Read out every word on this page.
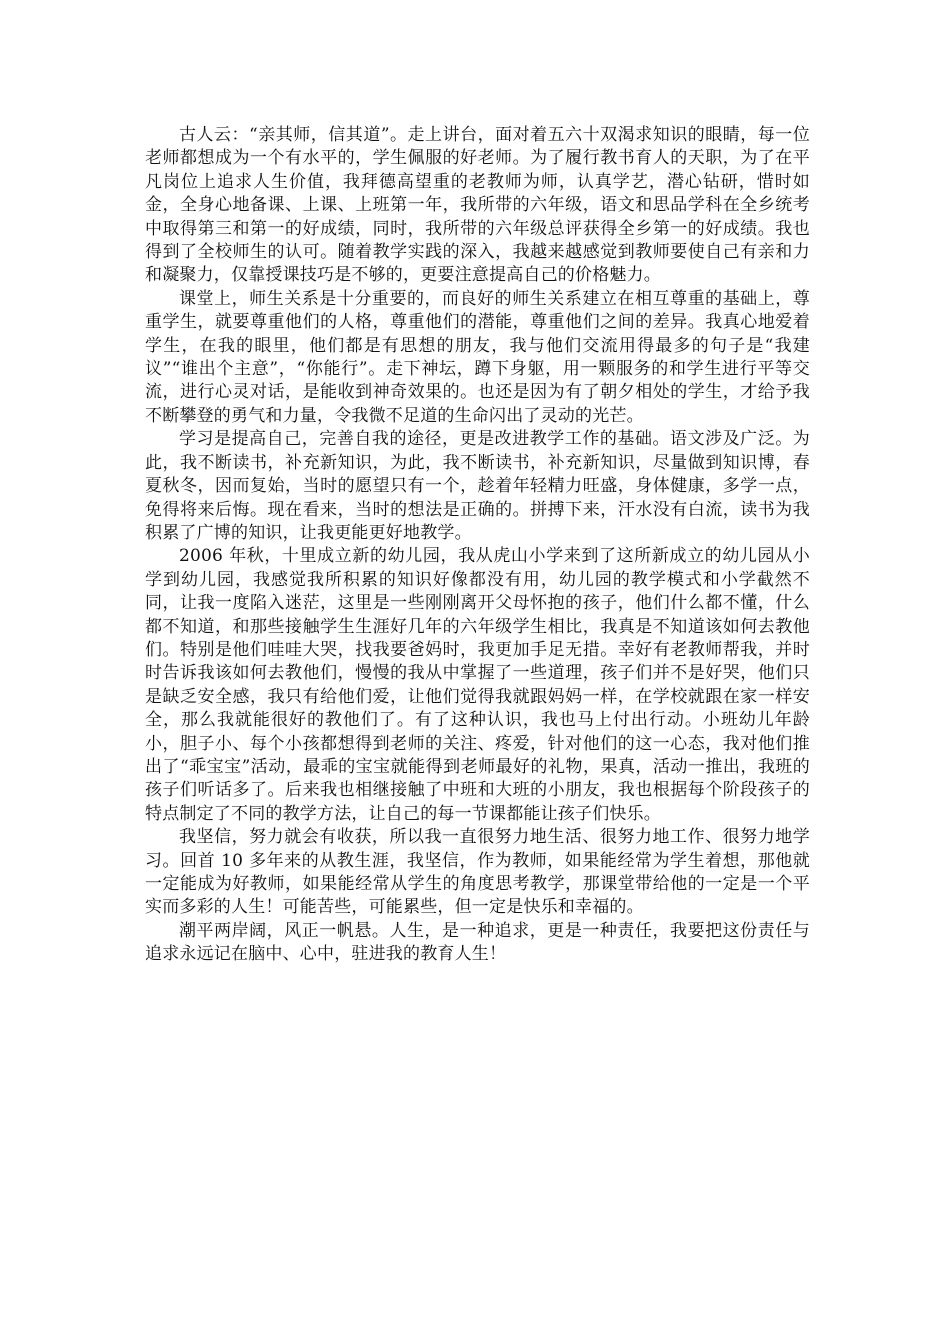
古人云：“亲其师，信其道”。走上讲台，面对着五六十双渴求知识的眼睛，每一位老师都想成为一个有水平的，学生佩服的好老师。为了履行教书育人的天职，为了在平凡岗位上追求人生价值，我拜德高望重的老教师为师，认真学艺，潜心钻研，惜时如金，全身心地备课、上课、上班第一年，我所带的六年级，语文和思品学科在全乡统考中取得第三和第一的好成绩，同时，我所带的六年级总评获得全乡第一的好成绩。我也得到了全校师生的认可。随着教学实践的深入，我越来越感觉到教师要使自己有亲和力和凝聚力，仅靠授课技巧是不够的，更要注意提高自己的价格魅力。

课堂上，师生关系是十分重要的，而良好的师生关系建立在相互尊重的基础上，尊重学生，就要尊重他们的人格，尊重他们的潜能，尊重他们之间的差异。我真心地爱着学生，在我的眼里，他们都是有思想的朋友，我与他们交流用得最多的句子是“我建议”“谁出个主意”，“你能行”。走下神坛，蹲下身躯，用一颗服务的和学生进行平等交流，进行心灵对话，是能收到神奇效果的。也还是因为有了朝夕相处的学生，才给予我不断攀登的勇气和力量，令我微不足道的生命闪出了灵动的光芒。

学习是提高自己，完善自我的途径，更是改进教学工作的基础。语文涉及广泛。为此，我不断读书，补充新知识，为此，我不断读书，补充新知识，尽量做到知识博，春夏秋冬，因而复始，当时的愿望只有一个，趁着年轻精力旺盛，身体健康，多学一点，免得将来后悔。现在看来，当时的想法是正确的。拼搏下来，汗水没有白流，读书为我积累了广博的知识，让我更能更好地教学。

2006 年秋，十里成立新的幼儿园，我从虎山小学来到了这所新成立的幼儿园从小学到幼儿园，我感觉我所积累的知识好像都没有用，幼儿园的教学模式和小学截然不同，让我一度陷入迷茫，这里是一些刚刚离开父母怀抱的孩子，他们什么都不懂，什么都不知道，和那些接触学生生涯好几年的六年级学生相比，我真是不知道该如何去教他们。特别是他们哇哇大哭，找我要爸妈时，我更加手足无措。幸好有老教师帮我，并时时告诉我该如何去教他们，慢慢的我从中掌握了一些道理，孩子们并不是好哭，他们只是缺乏安全感，我只有给他们爱，让他们觉得我就跟妈妈一样，在学校就跟在家一样安全，那么我就能很好的教他们了。有了这种认识，我也马上付出行动。小班幼儿年龄小，胆子小、每个小孩都想得到老师的关注、疼爱，针对他们的这一心态，我对他们推出了“乖宝宝”活动，最乖的宝宝就能得到老师最好的礼物，果真，活动一推出，我班的孩子们听话多了。后来我也相继接触了中班和大班的小朋友，我也根据每个阶段孩子的特点制定了不同的教学方法，让自己的每一节课都能让孩子们快乐。

我坚信，努力就会有收获，所以我一直很努力地生活、很努力地工作、很努力地学习。回首 10 多年来的从教生涯，我坚信，作为教师，如果能经常为学生着想，那他就一定能成为好教师，如果能经常从学生的角度思考教学，那课堂带给他的一定是一个平实而多彩的人生！可能苦些，可能累些，但一定是快乐和幸福的。

潮平两岸阔，风正一帆悬。人生，是一种追求，更是一种责任，我要把这份责任与追求永远记在脑中、心中，驻进我的教育人生！
